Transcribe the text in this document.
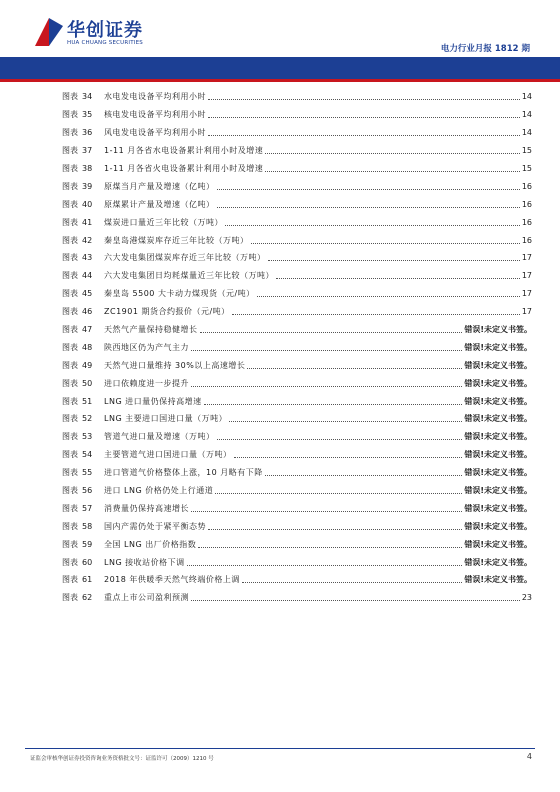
华创证券
HUA CHUANG SECURITIES
电力行业月报 1812 期
图表 34	水电发电设备平均利用小时	14
图表 35	核电发电设备平均利用小时	14
图表 36	风电发电设备平均利用小时	14
图表 37	1-11 月各省水电设备累计利用小时及增速	15
图表 38	1-11 月各省火电设备累计利用小时及增速	15
图表 39	原煤当月产量及增速（亿吨）	16
图表 40	原煤累计产量及增速（亿吨）	16
图表 41	煤炭进口量近三年比较（万吨）	16
图表 42	秦皇岛港煤炭库存近三年比较（万吨）	16
图表 43	六大发电集团煤炭库存近三年比较（万吨）	17
图表 44	六大发电集团日均耗煤量近三年比较（万吨）	17
图表 45	秦皇岛 5500 大卡动力煤现货（元/吨）	17
图表 46	ZC1901 期货合约报价（元/吨）	17
图表 47	天然气产量保持稳健增长	错误!未定义书签。
图表 48	陕西地区仍为产气主力	错误!未定义书签。
图表 49	天然气进口量维持 30%以上高速增长	错误!未定义书签。
图表 50	进口依赖度进一步提升	错误!未定义书签。
图表 51	LNG 进口量仍保持高增速	错误!未定义书签。
图表 52	LNG 主要进口国进口量（万吨）	错误!未定义书签。
图表 53	管道气进口量及增速（万吨）	错误!未定义书签。
图表 54	主要管道气进口国进口量（万吨）	错误!未定义书签。
图表 55	进口管道气价格整体上涨，10 月略有下降	错误!未定义书签。
图表 56	进口 LNG 价格仍处上行通道	错误!未定义书签。
图表 57	消费量仍保持高速增长	错误!未定义书签。
图表 58	国内产需仍处于紧平衡态势	错误!未定义书签。
图表 59	全国 LNG 出厂价格指数	错误!未定义书签。
图表 60	LNG 接收站价格下调	错误!未定义书签。
图表 61	2018 年供暖季天然气终端价格上调	错误!未定义书签。
图表 62	重点上市公司盈利预测	23
证监会审核华创证券投资咨询业务资格批文号：证监许可（2009）1210 号	4
